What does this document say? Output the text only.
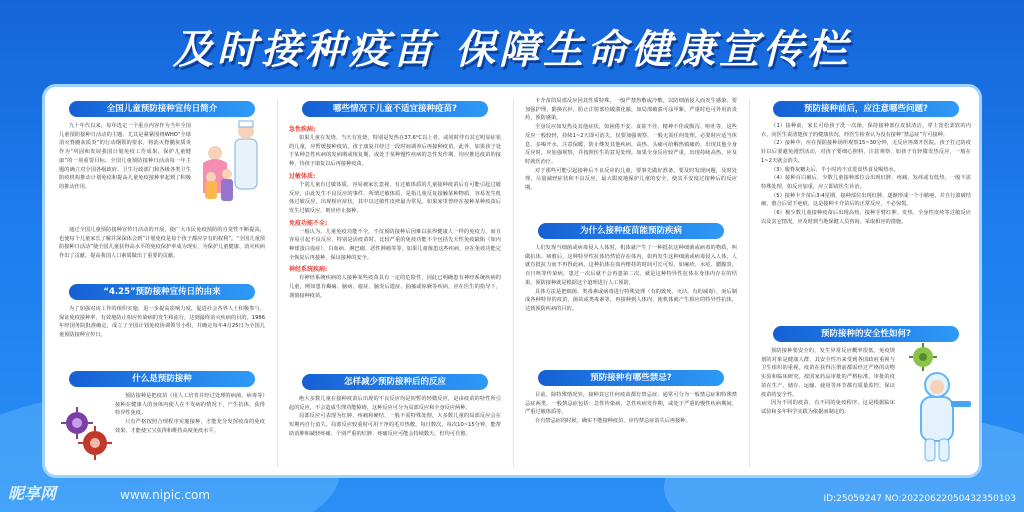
及时接种疫苗 保障生命健康宣传栏
全国儿童预防接种宣传日简介

九十年代以来，每年选定一个重点内容作为当年全国儿童预防接种日活动的主题。尤其是紧紧围绕WHO“全球消灭脊髓灰质炎”的行动纲领的要求，将消灭脊髓灰质炎作为“巩固和发展我国计划免疫工作成果，保护儿童健康”的一项重要目标。全国儿童预防接种日活动每一年主题的确立对全国各级政府、卫生行政部门和各级各类卫生防疫机构推动计划免疫和提高儿童免疫接种率起到了积极的推动作用。

通过全国儿童预防接种宣传日活动的开展，使广大市民免疫预防的自觉性不断提高，也使每个儿童家长了解并深深体会到“计划免疫是每个孩子都应享有的权利”。“全国儿童预防接种日活动”使全国儿童获得高水平的免疫保护率成为现实，为保护儿童健康、消灭疾病作出了贡献，提高我国人口素质做出了重要的贡献。

“4.25”预防接种宣传日的由来

为了加强对该工作的组织实施，进一步提高影响力度，促进社会各界人士积极参与，保证免疫接种率，有效地防止相应传染病的发生和流行，达到最终消灭疾病的目的，1986年经国务院批准确定，成立了全国计划免疫协调领导小组，并确定每年4月25日为全国儿童预防接种宣传日。

什么是预防接种

预防接种是把疫苗（用人工培育并经过处理的病菌、病毒等）接种在健康人的身体内使人在不发病的情况下，产生抗体，获得特异性免疫。

只有严格按照合理程序实施接种，才能充分发挥疫苗的免疫效果，才能使宝宝获得和维持高度免疫水平。

哪些情况下儿童不适宜接种疫苗?
急性疾病:

如果儿童在发烧、当天有发烧，特别是发热在37.6°C以上者。或同时伴有其它明显症状的儿童，应暂缓接种疫苗。孩子康复并经过一段时间调养后再接种疫苗。此外，如果孩子处于某种急性疾病的发病期或恢复期，或处于某种慢性疾病的急性发作期，均应推迟疫苗的接种，待孩子康复以后再接种疫苗。

过敏体质:

个别儿童有过敏体质，容易被家长忽视，有过敏体质的儿童接种疫苗后有可能引起过敏反应，由此发生不良反应的事件。所谓过敏体质，是指儿童反复接触某种物质，容易发生机体过敏反应，出现相应症状，其中以过敏性皮疹最为常见。如果家里曾经在接种某种疫苗后发生过敏反应，则应停止接种。

免疫功能不全:

一般认为，儿童免疫功能不全，不仅预防接种后因难以获得健康人一样的免疫力，而且容易引起不良反应，特别是活疫苗时。比较严重的免疫功能不全包括先天性免疫缺陷（如丙种球蛋白血症）、白血病、淋巴瘤、恶性肿瘤等等。如果儿童罹患这些疾病，应在免疫功能完全恢复后再接种，保证接种的安全。

神经系统疾病:

有神经系统疾病的人接种某些疫苗具有一定的危险性，因此已明确患有神经系统疾病的儿童，例如患有癫痫、脑病、癔症、脑炎后遗症、抽搐或惊厥等疾病，应在医生的指导下，谨慎接种疫苗。

怎样减少预防接种后的反应

绝大多数儿童在接种疫苗后出现的不良反应均是短暂的轻微反应，是由疫苗的特性所引起的反应，不会造成生理功能障碍，这种反应可分为局部反应和全身反应两种。

局部反应可表现为红肿、疼痛和硬结，一般不需特殊处理，大多数儿童的局部反应会在短期内自行消失。局部反应较重时可用干净的毛巾热敷，每日数次，每次10~15分钟，能帮助消肿和减轻疼痛。个别严重的红肿、疼痛反应可能会持续数天，但均可自愈。

卡介苗的局部反应因其性质特殊，一般严禁热敷或冷敷，以防细菌侵入而发生感染。要加强护理，勤换衣衫，防止注射部位破溃化脓。如局部破溃可涂甲紫，严重时也可外用消炎药，预防感染。

全身反应如发热及其他症状，如困倦不安、食欲不佳、精神不佳或腹泻、呕吐等，这些反应一般较轻，持续1~2天即可消失，仅要加强观察，一般无需任何处理。必要时应适当休息，多喝开水，注意保暖，防止继发其他疾病。高热、头痛可给解热镇痛药。出现其他全身反应时，应加强观察，并按照医生的意见处理。如果全身反应较严重，出现持续高热，应及时就医治疗。

对于那些可能引起接种后不良反应的儿童，要事先做好准备，要及时发现问题，及时处理，尽量减轻症状和不良反应，最大限度地保护儿童的安全，使其平安度过接种后的反应期。

为什么接种疫苗能预防疾病

人们发现当细菌或病毒侵入人体时，机体就产生了一种抵抗这种细菌或病毒的物质，叫做抗体。病愈后，这种特异性抗体仍然留存在体内，如再发生这种细菌或病毒侵入人体，人就有抵抗力而不再得此病。这种抗体在血内维持的时间可长可短，如麻疹、水痘、腮腺炎、百日咳等传染病，患过一次后就不会再患第二次，就是这种特异性抗体在身体内存在的结果。预防接种就是根据这个道理进行人工预防。

具体方法是把细菌、类毒素或病毒进行特殊处理（有的致死、灭活，有的减毒），而后制成各种特异的疫苗，菌苗或类毒素等，再接种到人体内，使机体就产生相应的特异性抗体，达到预防疾病的目的。

预防接种有哪些禁忌?

目前，除特殊情况外，接种其它任何疫苗都有禁忌症，通常可分为一般禁忌症和特殊禁忌症两类。一般禁忌症包括：急性传染病、急性疾病发作期，或处于严重的慢性疾病期间，严重过敏体质等。

在有禁忌症的时候，确实不能接种疫苗，应待禁忌症消失后再接种。

预防接种前后，应注意哪些问题?

（1）接种前，家长可给孩子洗一次澡，保持接种部位皮肤清洁，穿上宽松柔软的内衣，向医生说清楚孩子的健康状况，经医生检查认为没有接种“禁忌症”方可接种。

（2）接种中，应在预防接种场所观察15~30分钟，无反应再离开医院。孩子打过防疫针以后要避免剧烈活动，对孩子要细心照料，注意观察，如孩子有轻微发热反应，一般在1~2天就会消失。

（3）服脊灰糖丸后，半小时内不宜进食热食及喝热水。

（4）接种百白破后，少数儿童接种部位会出现红肿、疼痛、发痒或有低热，一般不需特殊处理，如反应加重，应立即请医生诊治。

（5）接种卡介苗后3-4星期，接种部位出现红肿，逐渐形成一个小脓疱，并自行溃破结痂，愈合后留下疤痕，这是接种卡介苗后的正常反应，不必惊慌。

（6）极少数儿童接种疫苗后出现高热、接种手臂红肿、发热、全身性皮疹等过敏反应以及其它情况，应及时到当地保健人员咨询，采取相应的措施。

预防接种的安全性如何?

预防接种要安全的，发生异常反应概率很低，免疫规划的对象是健康人群，其安全性历来受到各国政府重视与卫生组织的重视。疫苗在获得注册前都需经过严格的动物实验和临床研究，按国家药品审批的严格标准，审批的疫苗在生产、储存、运输、使用等环节都有质量监控，保证疫苗的安全性。

因为不同的疫苗，有不同的免疫程序，这是根据临床试验和多年科学实践为依据而制定的。

昵享网	www.nipic.com	ID:25059247 NO:20220622050432350103
